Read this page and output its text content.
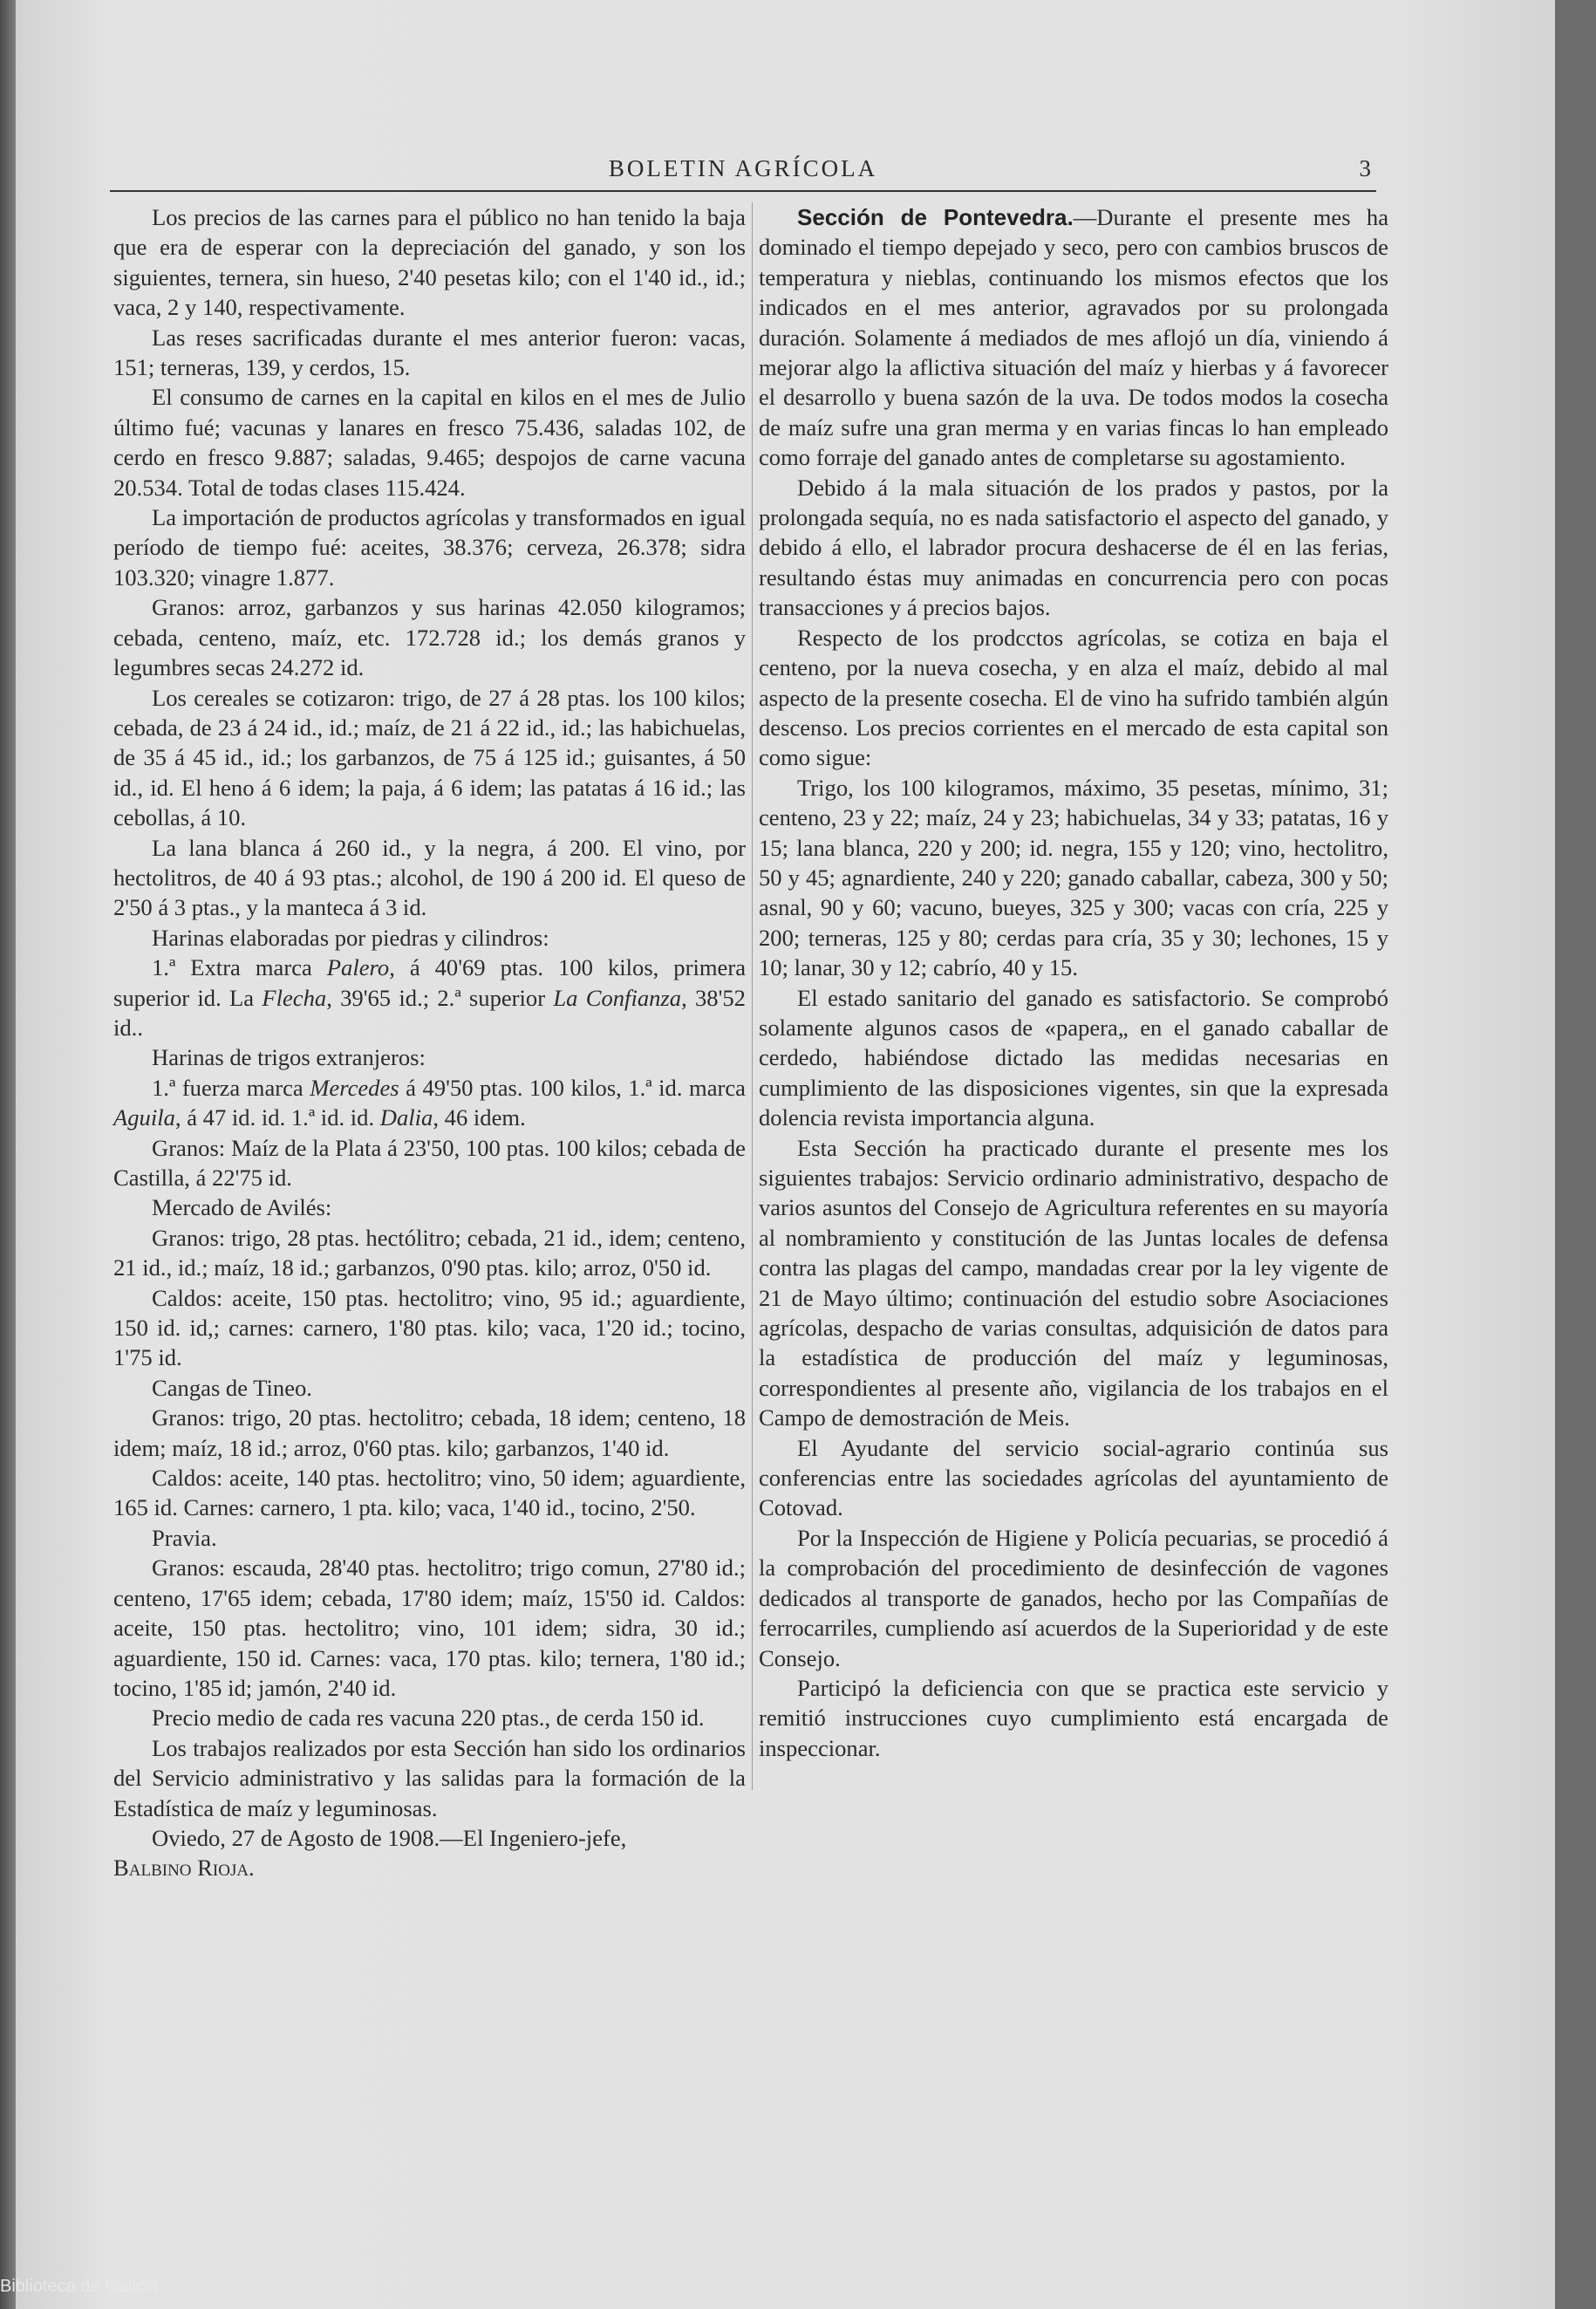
BOLETIN AGRÍCOLA	3

Los precios de las carnes para el público no han tenido la baja que era de esperar con la depreciación del ganado, y son los siguientes, ternera, sin hueso, 2'40 pesetas kilo; con el 1'40 id., id.; vaca, 2 y 140, respectivamente.

Las reses sacrificadas durante el mes anterior fueron: vacas, 151; terneras, 139, y cerdos, 15.

El consumo de carnes en la capital en kilos en el mes de Julio último fué; vacunas y lanares en fresco 75.436, saladas 102, de cerdo en fresco 9.887; saladas, 9.465; despojos de carne vacuna 20.534. Total de todas clases 115.424.

La importación de productos agrícolas y transformados en igual período de tiempo fué: aceites, 38.376; cerveza, 26.378; sidra 103.320; vinagre 1.877.

Granos: arroz, garbanzos y sus harinas 42.050 kilogramos; cebada, centeno, maíz, etc. 172.728 id.; los demás granos y legumbres secas 24.272 id.

Los cereales se cotizaron: trigo, de 27 á 28 ptas. los 100 kilos; cebada, de 23 á 24 id., id.; maíz, de 21 á 22 id., id.; las habichuelas, de 35 á 45 id., id.; los garbanzos, de 75 á 125 id.; guisantes, á 50 id., id. El heno á 6 idem; la paja, á 6 idem; las patatas á 16 id.; las cebollas, á 10.

La lana blanca á 260 id., y la negra, á 200. El vino, por hectolitros, de 40 á 93 ptas.; alcohol, de 190 á 200 id. El queso de 2'50 á 3 ptas., y la manteca á 3 id.

Harinas elaboradas por piedras y cilindros:

1.ª Extra marca Palero, á 40'69 ptas. 100 kilos, primera superior id. La Flecha, 39'65 id.; 2.ª superior La Confianza, 38'52 id..

Harinas de trigos extranjeros:

1.ª fuerza marca Mercedes á 49'50 ptas. 100 kilos, 1.ª id. marca Aguila, á 47 id. id. 1.ª id. id. Dalia, 46 idem.

Granos: Maíz de la Plata á 23'50, 100 ptas. 100 kilos; cebada de Castilla, á 22'75 id.

Mercado de Avilés:

Granos: trigo, 28 ptas. hectólitro; cebada, 21 id., idem; centeno, 21 id., id.; maíz, 18 id.; garbanzos, 0'90 ptas. kilo; arroz, 0'50 id.

Caldos: aceite, 150 ptas. hectolitro; vino, 95 id.; aguardiente, 150 id. id,; carnes: carnero, 1'80 ptas. kilo; vaca, 1'20 id.; tocino, 1'75 id.

Cangas de Tineo.

Granos: trigo, 20 ptas. hectolitro; cebada, 18 idem; centeno, 18 idem; maíz, 18 id.; arroz, 0'60 ptas. kilo; garbanzos, 1'40 id.

Caldos: aceite, 140 ptas. hectolitro; vino, 50 idem; aguardiente, 165 id. Carnes: carnero, 1 pta. kilo; vaca, 1'40 id., tocino, 2'50.

Pravia.

Granos: escauda, 28'40 ptas. hectolitro; trigo comun, 27'80 id.; centeno, 17'65 idem; cebada, 17'80 idem; maíz, 15'50 id. Caldos: aceite, 150 ptas. hectolitro; vino, 101 idem; sidra, 30 id.; aguardiente, 150 id. Carnes: vaca, 170 ptas. kilo; ternera, 1'80 id.; tocino, 1'85 id; jamón, 2'40 id.

Precio medio de cada res vacuna 220 ptas., de cerda 150 id.

Los trabajos realizados por esta Sección han sido los ordinarios del Servicio administrativo y las salidas para la formación de la Estadística de maíz y leguminosas.

Oviedo, 27 de Agosto de 1908.—El Ingeniero-jefe,
Balbino Rioja.

Sección de Pontevedra.—Durante el presente mes ha dominado el tiempo depejado y seco, pero con cambios bruscos de temperatura y nieblas, continuando los mismos efectos que los indicados en el mes anterior, agravados por su prolongada duración. Solamente á mediados de mes aflojó un día, viniendo á mejorar algo la aflictiva situación del maíz y hierbas y á favorecer el desarrollo y buena sazón de la uva. De todos modos la cosecha de maíz sufre una gran merma y en varias fincas lo han empleado como forraje del ganado antes de completarse su agostamiento.

Debido á la mala situación de los prados y pastos, por la prolongada sequía, no es nada satisfactorio el aspecto del ganado, y debido á ello, el labrador procura deshacerse de él en las ferias, resultando éstas muy animadas en concurrencia pero con pocas transacciones y á precios bajos.

Respecto de los prodcctos agrícolas, se cotiza en baja el centeno, por la nueva cosecha, y en alza el maíz, debido al mal aspecto de la presente cosecha. El de vino ha sufrido también algún descenso. Los precios corrientes en el mercado de esta capital son como sigue:

Trigo, los 100 kilogramos, máximo, 35 pesetas, mínimo, 31; centeno, 23 y 22; maíz, 24 y 23; habichuelas, 34 y 33; patatas, 16 y 15; lana blanca, 220 y 200; id. negra, 155 y 120; vino, hectolitro, 50 y 45; agnardiente, 240 y 220; ganado caballar, cabeza, 300 y 50; asnal, 90 y 60; vacuno, bueyes, 325 y 300; vacas con cría, 225 y 200; terneras, 125 y 80; cerdas para cría, 35 y 30; lechones, 15 y 10; lanar, 30 y 12; cabrío, 40 y 15.

El estado sanitario del ganado es satisfactorio. Se comprobó solamente algunos casos de «papera„ en el ganado caballar de cerdedo, habiéndose dictado las medidas necesarias en cumplimiento de las disposiciones vigentes, sin que la expresada dolencia revista importancia alguna.

Esta Sección ha practicado durante el presente mes los siguientes trabajos: Servicio ordinario administrativo, despacho de varios asuntos del Consejo de Agricultura referentes en su mayoría al nombramiento y constitución de las Juntas locales de defensa contra las plagas del campo, mandadas crear por la ley vigente de 21 de Mayo último; continuación del estudio sobre Asociaciones agrícolas, despacho de varias consultas, adquisición de datos para la estadística de producción del maíz y leguminosas, correspondientes al presente año, vigilancia de los trabajos en el Campo de demostración de Meis.

El Ayudante del servicio social-agrario continúa sus conferencias entre las sociedades agrícolas del ayuntamiento de Cotovad.

Por la Inspección de Higiene y Policía pecuarias, se procedió á la comprobación del procedimiento de desinfección de vagones dedicados al transporte de ganados, hecho por las Compañías de ferrocarriles, cumpliendo así acuerdos de la Superioridad y de este Consejo.

Participó la deficiencia con que se practica este servicio y remitió instrucciones cuyo cumplimiento está encargada de inspeccionar.

Biblioteca de Galicia
